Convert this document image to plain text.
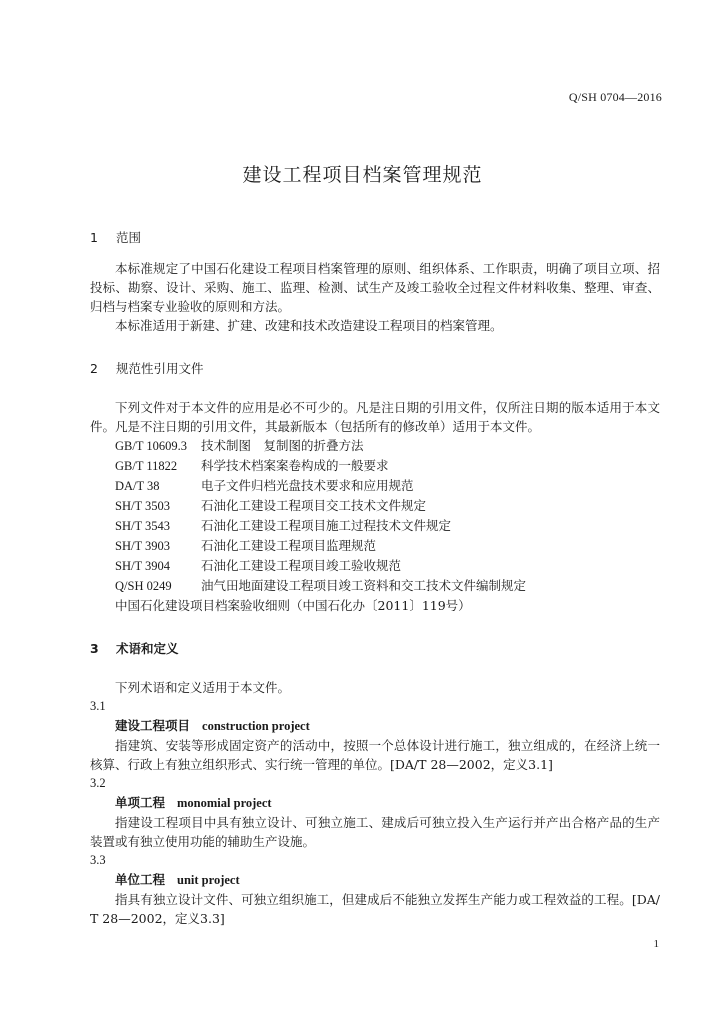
Q/SH 0704—2016
建设工程项目档案管理规范
1	范围

本标准规定了中国石化建设工程项目档案管理的原则、组织体系、工作职责，明确了项目立项、招投标、勘察、设计、采购、施工、监理、检测、试生产及竣工验收全过程文件材料收集、整理、审查、归档与档案专业验收的原则和方法。

本标准适用于新建、扩建、改建和技术改造建设工程项目的档案管理。

2	规范性引用文件

下列文件对于本文件的应用是必不可少的。凡是注日期的引用文件，仅所注日期的版本适用于本文件。凡是不注日期的引用文件，其最新版本（包括所有的修改单）适用于本文件。

GB/T 10609.3 技术制图　复制图的折叠方法
GB/T 11822 科学技术档案案卷构成的一般要求
DA/T 38	电子文件归档光盘技术要求和应用规范
SH/T 3503 石油化工建设工程项目交工技术文件规定
SH/T 3543 石油化工建设工程项目施工过程技术文件规定
SH/T 3903 石油化工建设工程项目监理规范
SH/T 3904 石油化工建设工程项目竣工验收规范
Q/SH 0249 油气田地面建设工程项目竣工资料和交工技术文件编制规定

中国石化建设项目档案验收细则（中国石化办〔2011〕119号）

3	术语和定义

下列术语和定义适用于本文件。

3.1

建设工程项目 construction project

指建筑、安装等形成固定资产的活动中，按照一个总体设计进行施工，独立组成的，在经济上统一核算、行政上有独立组织形式、实行统一管理的单位。[DA/T 28—2002，定义3.1]

3.2

单项工程 monomial project

指建设工程项目中具有独立设计、可独立施工、建成后可独立投入生产运行并产出合格产品的生产装置或有独立使用功能的辅助生产设施。

3.3

单位工程 unit project

指具有独立设计文件、可独立组织施工，但建成后不能独立发挥生产能力或工程效益的工程。[DA/T 28—2002，定义3.3]

1
